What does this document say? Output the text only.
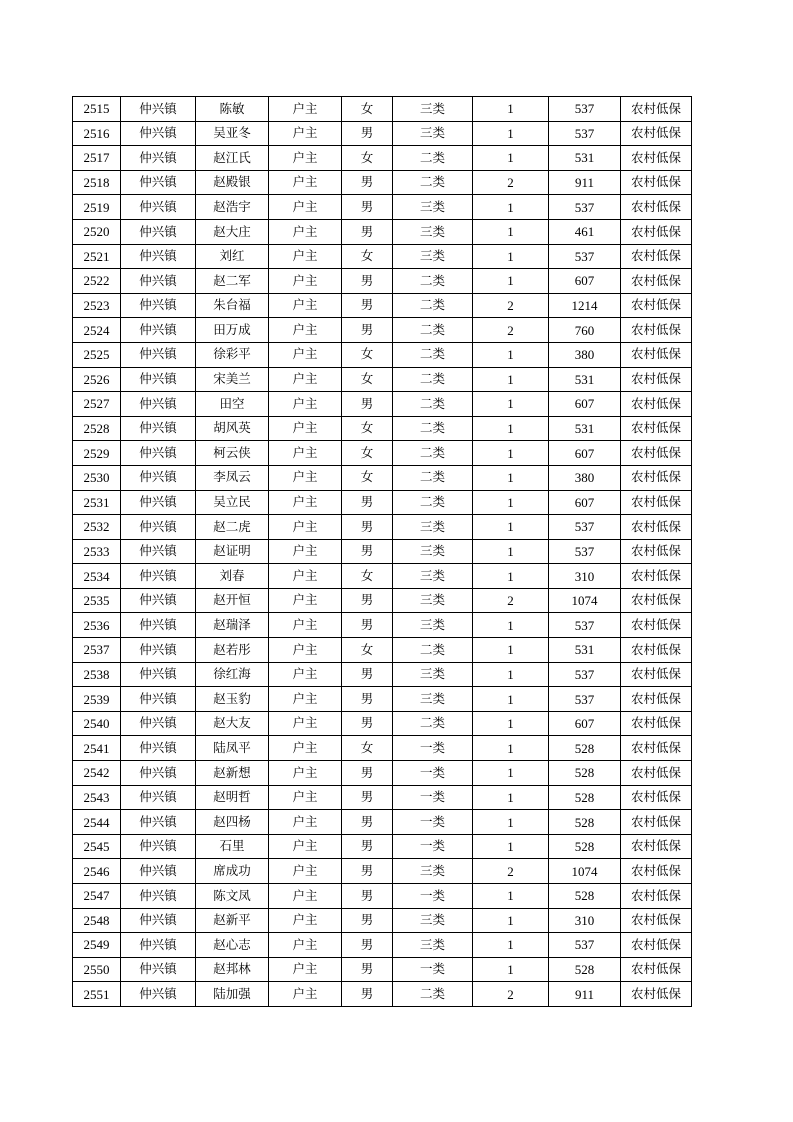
2515	仲兴镇	陈敏	户主	女	三类	1	537	农村低保
2516	仲兴镇	吴亚冬	户主	男	三类	1	537	农村低保
2517	仲兴镇	赵江氏	户主	女	二类	1	531	农村低保
2518	仲兴镇	赵殿银	户主	男	二类	2	911	农村低保
2519	仲兴镇	赵浩宇	户主	男	三类	1	537	农村低保
2520	仲兴镇	赵大庄	户主	男	三类	1	461	农村低保
2521	仲兴镇	刘红	户主	女	三类	1	537	农村低保
2522	仲兴镇	赵二军	户主	男	二类	1	607	农村低保
2523	仲兴镇	朱台福	户主	男	二类	2	1214	农村低保
2524	仲兴镇	田万成	户主	男	二类	2	760	农村低保
2525	仲兴镇	徐彩平	户主	女	二类	1	380	农村低保
2526	仲兴镇	宋美兰	户主	女	二类	1	531	农村低保
2527	仲兴镇	田空	户主	男	二类	1	607	农村低保
2528	仲兴镇	胡风英	户主	女	二类	1	531	农村低保
2529	仲兴镇	柯云侠	户主	女	二类	1	607	农村低保
2530	仲兴镇	李凤云	户主	女	二类	1	380	农村低保
2531	仲兴镇	吴立民	户主	男	二类	1	607	农村低保
2532	仲兴镇	赵二虎	户主	男	三类	1	537	农村低保
2533	仲兴镇	赵证明	户主	男	三类	1	537	农村低保
2534	仲兴镇	刘春	户主	女	三类	1	310	农村低保
2535	仲兴镇	赵开恒	户主	男	三类	2	1074	农村低保
2536	仲兴镇	赵瑞泽	户主	男	三类	1	537	农村低保
2537	仲兴镇	赵若彤	户主	女	二类	1	531	农村低保
2538	仲兴镇	徐红海	户主	男	三类	1	537	农村低保
2539	仲兴镇	赵玉豹	户主	男	三类	1	537	农村低保
2540	仲兴镇	赵大友	户主	男	二类	1	607	农村低保
2541	仲兴镇	陆凤平	户主	女	一类	1	528	农村低保
2542	仲兴镇	赵新想	户主	男	一类	1	528	农村低保
2543	仲兴镇	赵明哲	户主	男	一类	1	528	农村低保
2544	仲兴镇	赵四杨	户主	男	一类	1	528	农村低保
2545	仲兴镇	石里	户主	男	一类	1	528	农村低保
2546	仲兴镇	席成功	户主	男	三类	2	1074	农村低保
2547	仲兴镇	陈文凤	户主	男	一类	1	528	农村低保
2548	仲兴镇	赵新平	户主	男	三类	1	310	农村低保
2549	仲兴镇	赵心志	户主	男	三类	1	537	农村低保
2550	仲兴镇	赵邦林	户主	男	一类	1	528	农村低保
2551	仲兴镇	陆加强	户主	男	二类	2	911	农村低保
